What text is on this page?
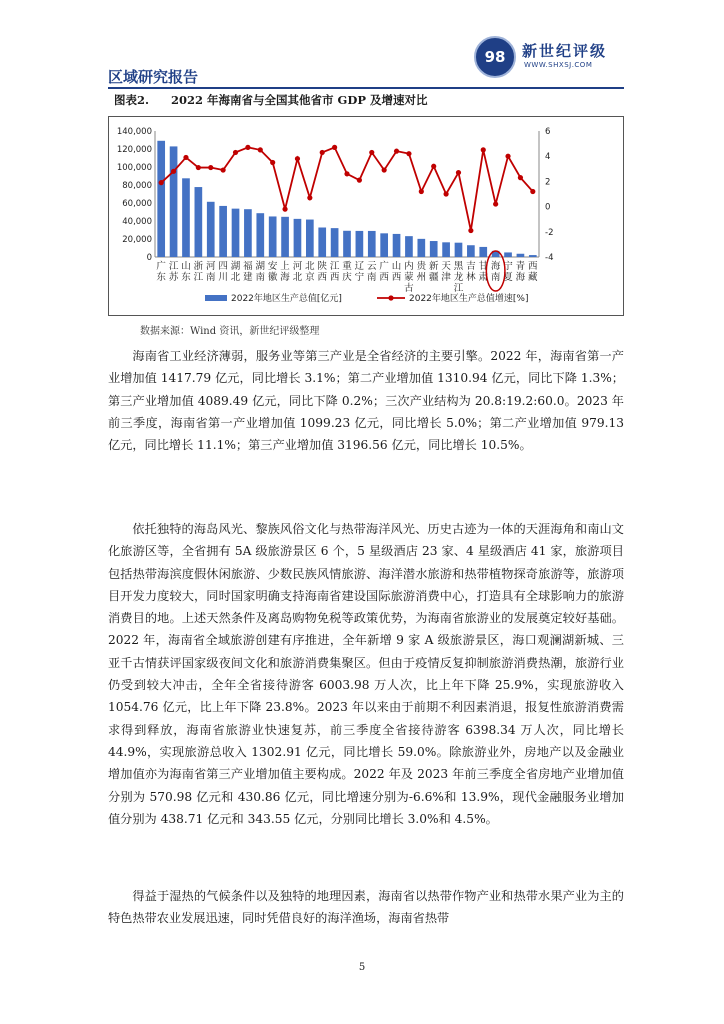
区域研究报告
98	新世纪评级
WWW.SHXSJ.COM
图表2. 2022 年海南省与全国其他省市 GDP 及增速对比
0
20,000
40,000
60,000
80,000
100,000
120,000
140,000
-4
-2
0
2
4
6
广
东
江
苏
山
东
浙
江
河
南
四
川
湖
北
福
建
湖
南
安
徽
上
海
河
北
北
京
陕
西
江
西
重
庆
辽
宁
云
南
广
西
山
西
内
蒙
古
贵
州
新
疆
天
津
黑
龙
江
吉
林
甘
肃
海
南
宁
夏
青
海
西
藏
2022年地区生产总值[亿元]	2022年地区生产总值增速[%]
数据来源：Wind 资讯，新世纪评级整理

海南省工业经济薄弱，服务业等第三产业是全省经济的主要引擎。2022 年，海南省第一产业增加值 1417.79 亿元，同比增长 3.1%；第二产业增加值 1310.94 亿元，同比下降 1.3%；第三产业增加值 4089.49 亿元，同比下降 0.2%；三次产业结构为 20.8:19.2:60.0。2023 年前三季度，海南省第一产业增加值 1099.23 亿元，同比增长 5.0%；第二产业增加值 979.13 亿元，同比增长 11.1%；第三产业增加值 3196.56 亿元，同比增长 10.5%。

依托独特的海岛风光、黎族风俗文化与热带海洋风光、历史古迹为一体的天涯海角和南山文化旅游区等，全省拥有 5A 级旅游景区 6 个，5 星级酒店 23 家、4 星级酒店 41 家，旅游项目包括热带海滨度假休闲旅游、少数民族风情旅游、海洋潜水旅游和热带植物探奇旅游等，旅游项目开发力度较大，同时国家明确支持海南省建设国际旅游消费中心，打造具有全球影响力的旅游消费目的地。上述天然条件及离岛购物免税等政策优势，为海南省旅游业的发展奠定较好基础。2022 年，海南省全域旅游创建有序推进，全年新增 9 家 A 级旅游景区，海口观澜湖新城、三亚千古情获评国家级夜间文化和旅游消费集聚区。但由于疫情反复抑制旅游消费热潮，旅游行业仍受到较大冲击，全年全省接待游客 6003.98 万人次，比上年下降 25.9%，实现旅游收入 1054.76 亿元，比上年下降 23.8%。2023 年以来由于前期不利因素消退，报复性旅游消费需求得到释放，海南省旅游业快速复苏，前三季度全省接待游客 6398.34 万人次，同比增长 44.9%，实现旅游总收入 1302.91 亿元，同比增长 59.0%。除旅游业外，房地产以及金融业增加值亦为海南省第三产业增加值主要构成。2022 年及 2023 年前三季度全省房地产业增加值分别为 570.98 亿元和 430.86 亿元，同比增速分别为-6.6%和 13.9%，现代金融服务业增加值分别为 438.71 亿元和 343.55 亿元，分别同比增长 3.0%和 4.5%。

得益于湿热的气候条件以及独特的地理因素，海南省以热带作物产业和热带水果产业为主的特色热带农业发展迅速，同时凭借良好的海洋渔场，海南省热带

5
